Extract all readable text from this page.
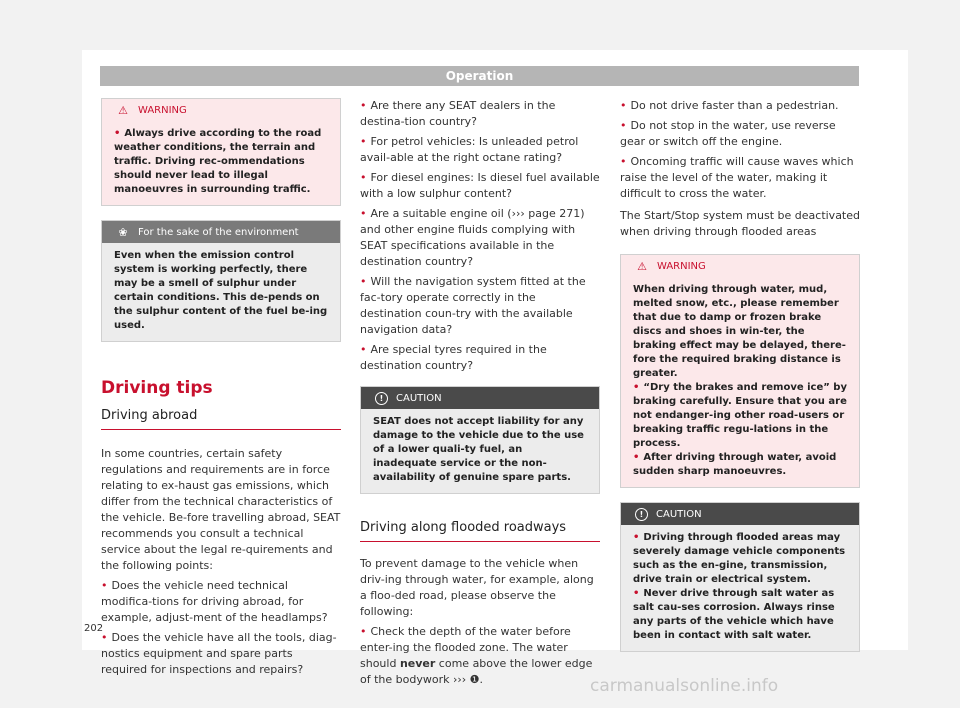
Operation
⚠ WARNING

• Always drive according to the road weather conditions, the terrain and traffic. Driving rec-ommendations should never lead to illegal manoeuvres in surrounding traffic.

❀ For the sake of the environment
Even when the emission control system is working perfectly, there may be a smell of sulphur under certain conditions. This de-pends on the sulphur content of the fuel be-ing used.
Driving tips
Driving abroad

In some countries, certain safety regulations and requirements are in force relating to ex-haust gas emissions, which differ from the technical characteristics of the vehicle. Be-fore travelling abroad, SEAT recommends you consult a technical service about the legal re-quirements and the following points:

• Does the vehicle need technical modifica-tions for driving abroad, for example, adjust-ment of the headlamps?

• Does the vehicle have all the tools, diag-nostics equipment and spare parts required for inspections and repairs?

• Are there any SEAT dealers in the destina-tion country?

• For petrol vehicles: Is unleaded petrol avail-able at the right octane rating?

• For diesel engines: Is diesel fuel available with a low sulphur content?

• Are a suitable engine oil (››› page 271) and other engine fluids complying with SEAT specifications available in the destination country?

• Will the navigation system fitted at the fac-tory operate correctly in the destination coun-try with the available navigation data?

• Are special tyres required in the destination country?

!	CAUTION
SEAT does not accept liability for any damage to the vehicle due to the use of a lower quali-ty fuel, an inadequate service or the non-availability of genuine spare parts.
Driving along flooded roadways

To prevent damage to the vehicle when driv-ing through water, for example, along a floo-ded road, please observe the following:

• Check the depth of the water before enter-ing the flooded zone. The water should never come above the lower edge of the bodywork ››› ❶.

• Do not drive faster than a pedestrian.

• Do not stop in the water, use reverse gear or switch off the engine.

• Oncoming traffic will cause waves which raise the level of the water, making it difficult to cross the water.

The Start/Stop system must be deactivated when driving through flooded areas

⚠ WARNING

When driving through water, mud, melted snow, etc., please remember that due to damp or frozen brake discs and shoes in win-ter, the braking effect may be delayed, there-fore the required braking distance is greater.

• “Dry the brakes and remove ice” by braking carefully. Ensure that you are not endanger-ing other road-users or breaking traffic regu-lations in the process.

• After driving through water, avoid sudden sharp manoeuvres.

!	CAUTION

• Driving through flooded areas may severely damage vehicle components such as the en-gine, transmission, drive train or electrical system.

• Never drive through salt water as salt cau-ses corrosion. Always rinse any parts of the vehicle which have been in contact with salt water.

202
carmanualsonline.info
